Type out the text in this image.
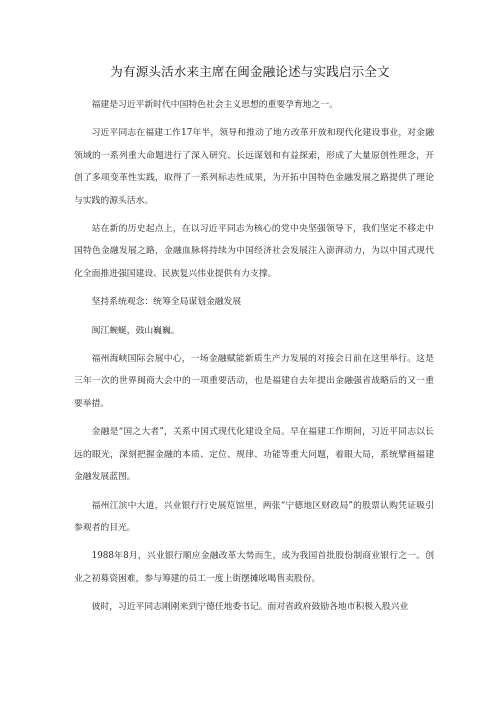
为有源头活水来主席在闽金融论述与实践启示全文

福建是习近平新时代中国特色社会主义思想的重要孕育地之一。

习近平同志在福建工作17年半，领导和推动了地方改革开放和现代化建设事业，对金融领域的一系列重大命题进行了深入研究、长远谋划和有益探索，形成了大量原创性理念，开创了多项变革性实践，取得了一系列标志性成果，为开拓中国特色金融发展之路提供了理论与实践的源头活水。

站在新的历史起点上，在以习近平同志为核心的党中央坚强领导下，我们坚定不移走中国特色金融发展之路，金融血脉将持续为中国经济社会发展注入澎湃动力，为以中国式现代化全面推进强国建设、民族复兴伟业提供有力支撑。

坚持系统观念：统筹全局谋划金融发展

闽江蜿蜒，鼓山巍巍。

福州海峡国际会展中心，一场金融赋能新质生产力发展的对接会日前在这里举行。这是三年一次的世界闽商大会中的一项重要活动，也是福建自去年提出金融强省战略后的又一重要举措。

金融是“国之大者”，关系中国式现代化建设全局。早在福建工作期间，习近平同志以长远的眼光，深刻把握金融的本质、定位、规律、功能等重大问题，着眼大局，系统擘画福建金融发展蓝图。

福州江滨中大道，兴业银行行史展览馆里，两张“宁德地区财政局”的股票认购凭证吸引参观者的目光。

1988年8月，兴业银行顺应金融改革大势而生，成为我国首批股份制商业银行之一。创业之初募资困难，参与筹建的员工一度上街摆摊吆喝售卖股份。

彼时，习近平同志刚刚来到宁德任地委书记。面对省政府鼓励各地市积极入股兴业
